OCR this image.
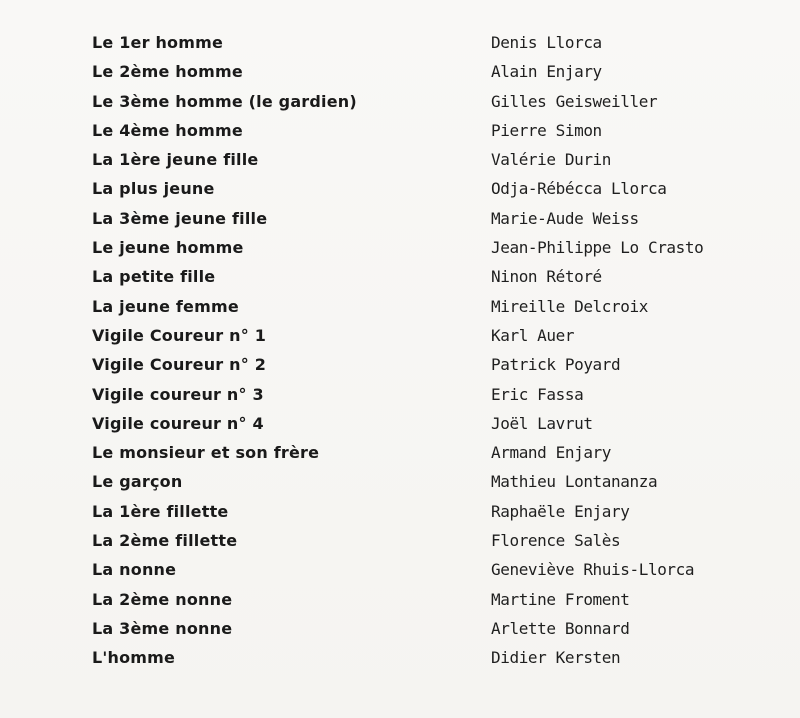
Le 1er homme	Denis Llorca
Le 2ème homme	Alain Enjary
Le 3ème homme (le gardien)	Gilles Geisweiller
Le 4ème homme	Pierre Simon
La 1ère jeune fille	Valérie Durin
La plus jeune	Odja-Rébécca Llorca
La 3ème jeune fille	Marie-Aude Weiss
Le jeune homme	Jean-Philippe Lo Crasto
La petite fille	Ninon Rétoré
La jeune femme	Mireille Delcroix
Vigile Coureur n° 1	Karl Auer
Vigile Coureur n° 2	Patrick Poyard
Vigile coureur n° 3	Eric Fassa
Vigile coureur n° 4	Joël Lavrut
Le monsieur et son frère	Armand Enjary
Le garçon	Mathieu Lontananza
La 1ère fillette	Raphaële Enjary
La 2ème fillette	Florence Salès
La nonne	Geneviève Rhuis-Llorca
La 2ème nonne	Martine Froment
La 3ème nonne	Arlette Bonnard
L'homme	Didier Kersten
